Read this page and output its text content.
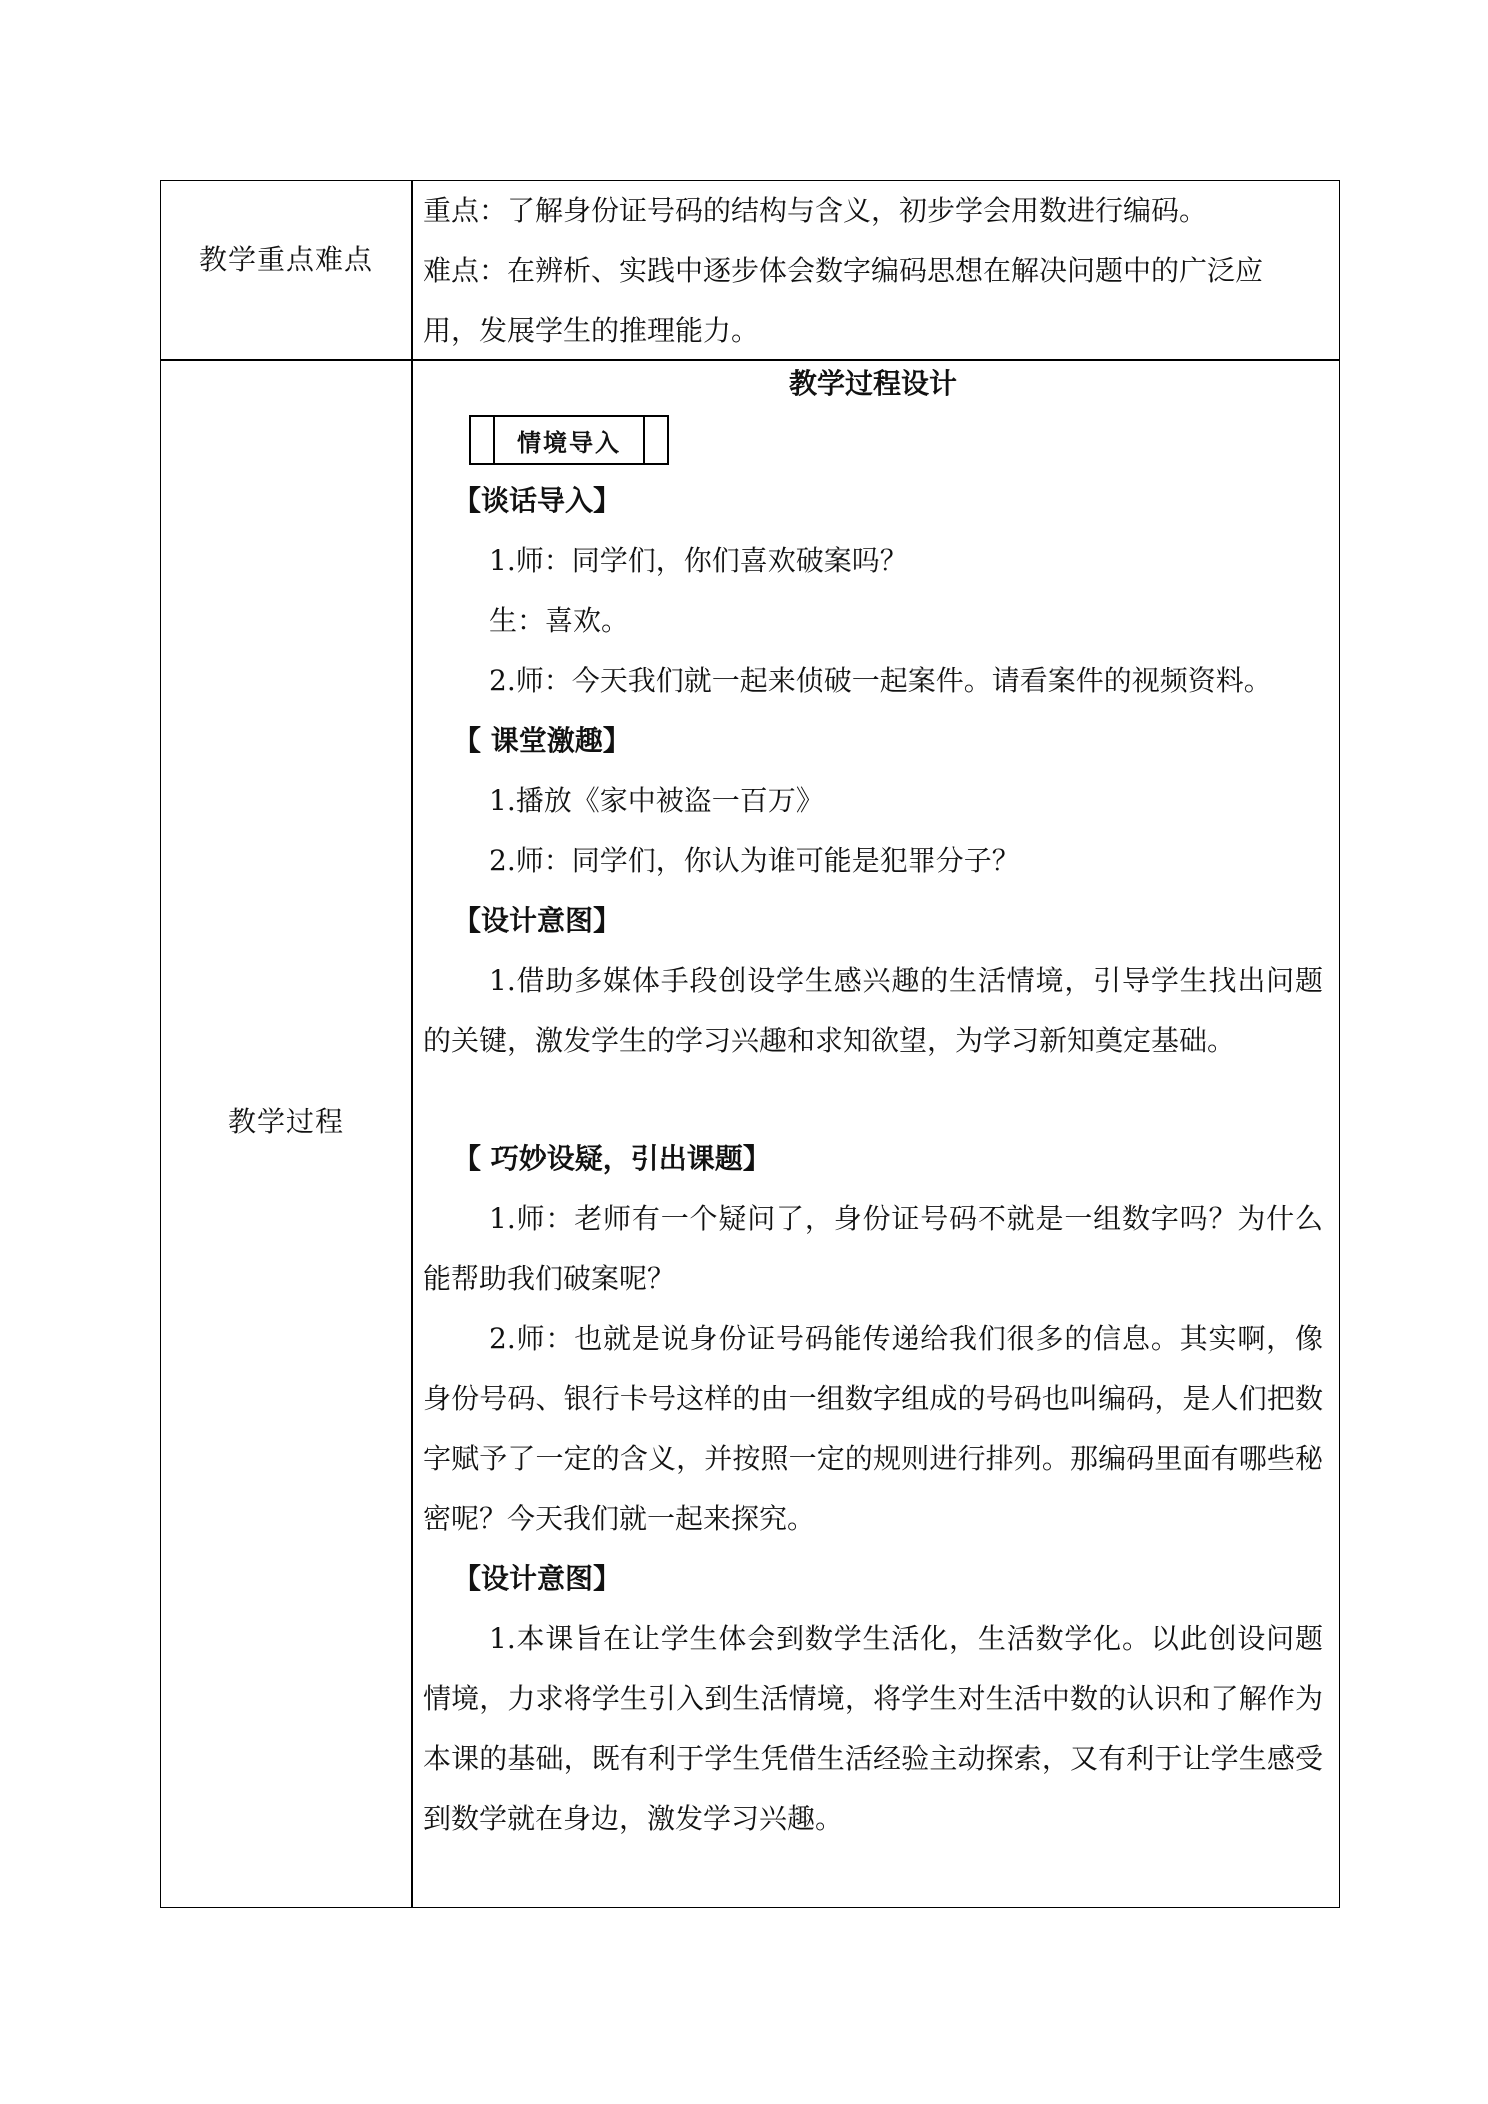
教学重点难点

重点：了解身份证号码的结构与含义，初步学会用数进行编码。

难点：在辨析、实践中逐步体会数字编码思想在解决问题中的广泛应

用，发展学生的推理能力。

教学过程

教学过程设计

情境导入

【谈话导入】

1.师：同学们，你们喜欢破案吗？

生：喜欢。

2.师：今天我们就一起来侦破一起案件。请看案件的视频资料。

【 课堂激趣】

1.播放《家中被盗一百万》

2.师：同学们，你认为谁可能是犯罪分子？

【设计意图】

1.借助多媒体手段创设学生感兴趣的生活情境，引导学生找出问题的关键，激发学生的学习兴趣和求知欲望，为学习新知奠定基础。

【 巧妙设疑，引出课题】

1.师：老师有一个疑问了，身份证号码不就是一组数字吗？为什么能帮助我们破案呢？

2.师：也就是说身份证号码能传递给我们很多的信息。其实啊，像身份号码、银行卡号这样的由一组数字组成的号码也叫编码，是人们把数字赋予了一定的含义，并按照一定的规则进行排列。那编码里面有哪些秘密呢？今天我们就一起来探究。

【设计意图】

1.本课旨在让学生体会到数学生活化，生活数学化。以此创设问题情境，力求将学生引入到生活情境，将学生对生活中数的认识和了解作为本课的基础，既有利于学生凭借生活经验主动探索，又有利于让学生感受到数学就在身边，激发学习兴趣。
